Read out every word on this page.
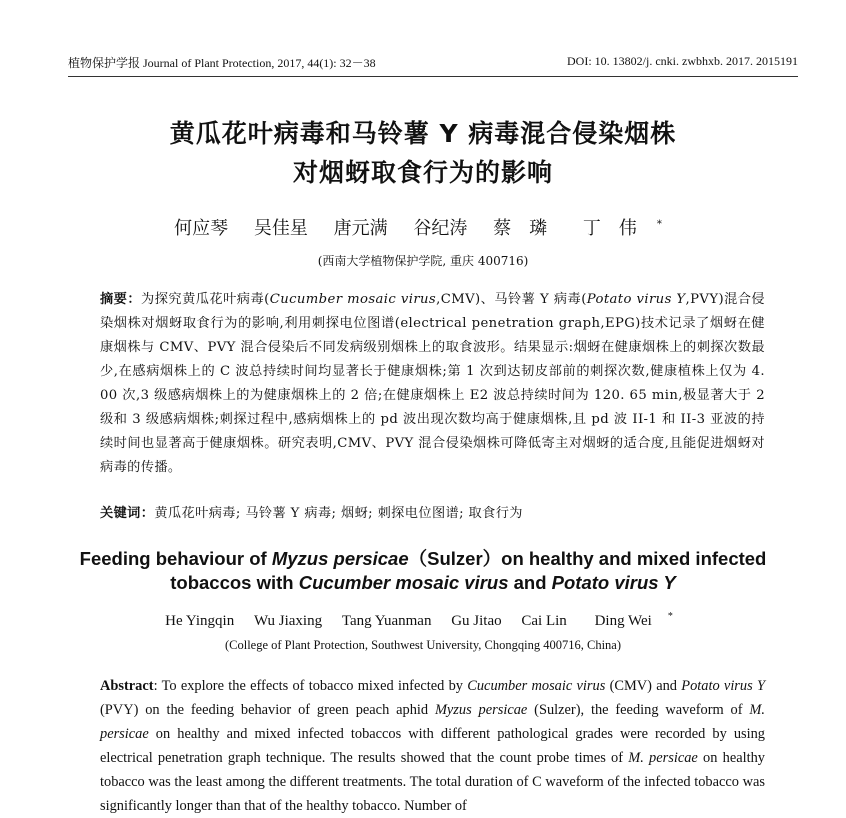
植物保护学报 Journal of Plant Protection, 2017, 44(1): 32－38	DOI: 10. 13802/j. cnki. zwbhxb. 2017. 2015191
黄瓜花叶病毒和马铃薯 Y 病毒混合侵染烟株
对烟蚜取食行为的影响
何应琴 吴佳星 唐元满 谷纪涛 蔡　璘 丁　伟 *
(西南大学植物保护学院, 重庆 400716)
摘要：为探究黄瓜花叶病毒(Cucumber mosaic virus,CMV)、马铃薯 Y 病毒(Potato virus Y,PVY)混合侵染烟株对烟蚜取食行为的影响,利用刺探电位图谱(electrical penetration graph,EPG)技术记录了烟蚜在健康烟株与 CMV、PVY 混合侵染后不同发病级别烟株上的取食波形。结果显示:烟蚜在健康烟株上的刺探次数最少,在感病烟株上的 C 波总持续时间均显著长于健康烟株;第 1 次到达韧皮部前的刺探次数,健康植株上仅为 4. 00 次,3 级感病烟株上的为健康烟株上的 2 倍;在健康烟株上 E2 波总持续时间为 120. 65 min,极显著大于 2 级和 3 级感病烟株;刺探过程中,感病烟株上的 pd 波出现次数均高于健康烟株,且 pd 波 II-1 和 II-3 亚波的持续时间也显著高于健康烟株。研究表明,CMV、PVY 混合侵染烟株可降低寄主对烟蚜的适合度,且能促进烟蚜对病毒的传播。
关键词：黄瓜花叶病毒; 马铃薯 Y 病毒; 烟蚜; 刺探电位图谱; 取食行为
Feeding behaviour of Myzus persicae（Sulzer）on healthy and mixed infected
tobaccos with Cucumber mosaic virus and Potato virus Y
He Yingqin Wu Jiaxing Tang Yuanman Gu Jitao Cai Lin Ding Wei *
(College of Plant Protection, Southwest University, Chongqing 400716, China)
Abstract: To explore the effects of tobacco mixed infected by Cucumber mosaic virus (CMV) and Potato virus Y (PVY) on the feeding behavior of green peach aphid Myzus persicae (Sulzer), the feeding waveform of M. persicae on healthy and mixed infected tobaccos with different pathological grades were recorded by using electrical penetration graph technique. The results showed that the count probe times of M. persicae on healthy tobacco was the least among the different treatments. The total duration of C waveform of the infected tobacco was significantly longer than that of the healthy tobacco. Number of
